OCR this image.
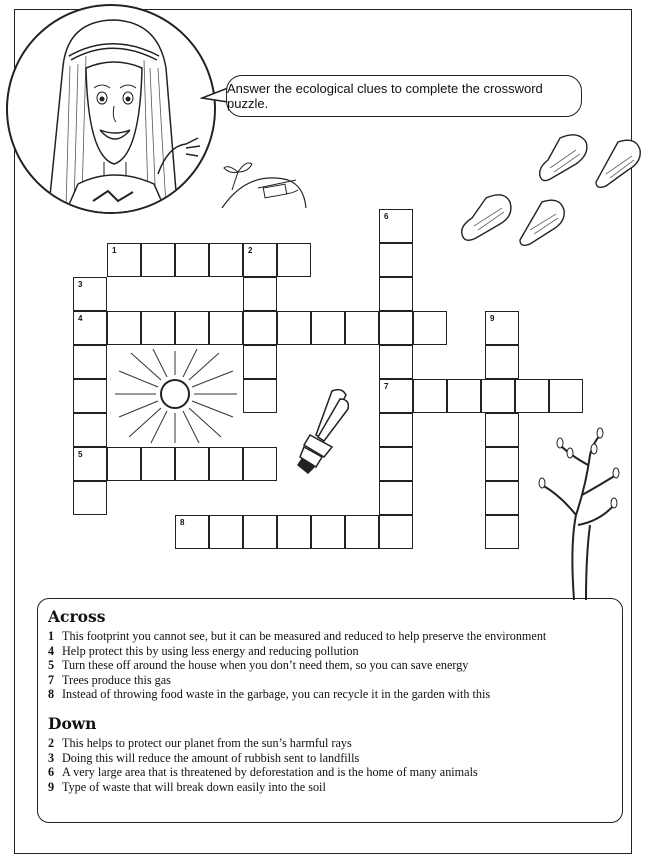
Answer the ecological clues to complete the crossword puzzle.
1	2
3
4	9
6
7
5
8
Across
1 This footprint you cannot see, but it can be measured and reduced to help preserve the environment
4 Help protect this by using less energy and reducing pollution
5 Turn these off around the house when you don’t need them, so you can save energy
7 Trees produce this gas
8 Instead of throwing food waste in the garbage, you can recycle it in the garden with this
Down
2 This helps to protect our planet from the sun’s harmful rays
3 Doing this will reduce the amount of rubbish sent to landfills
6 A very large area that is threatened by deforestation and is the home of many animals
9 Type of waste that will break down easily into the soil
